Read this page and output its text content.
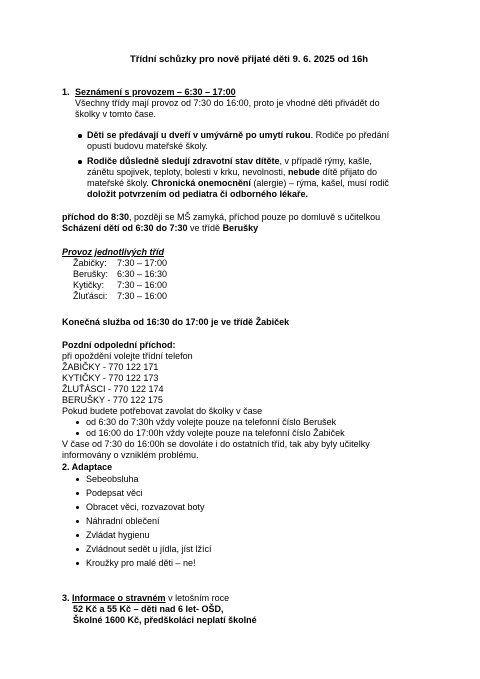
Třídní schůzky pro nově přijaté děti 9. 6. 2025 od 16h
1. Seznámení s provozem – 6:30 – 17:00
Všechny třídy mají provoz od 7:30 do 16:00, proto je vhodné děti přivádět do
školky v tomto čase.
Děti se předávají u dveří v umývárně po umytí rukou. Rodiče po předání
opustí budovu mateřské školy.
Rodiče důsledně sledují zdravotní stav dítěte, v případě rýmy, kašle,
zánětu spojivek, teploty, bolesti v krku, nevolnosti, nebude dítě přijato do
mateřské školy. Chronická onemocnění (alergie) – rýma, kašel, musí rodič
doložit potvrzením od pediatra či odborného lékaře.
příchod do 8:30, později se MŠ zamyká, příchod pouze po domluvě s učitelkou
Scházení dětí od 6:30 do 7:30 ve třídě Berušky
Provoz jednotlivých tříd
Žabičky: 7:30 – 17:00
Berušky: 6:30 – 16:30
Kytičky: 7:30 – 16:00
Žluťásci: 7:30 – 16:00
Konečná služba od 16:30 do 17:00 je ve třídě Žabiček
Pozdní odpolední příchod:
při opoždění volejte třídní telefon
ŽABIČKY - 770 122 171
KYTIČKY - 770 122 173
ŽLUŤÁSCI - 770 122 174
BERUŠKY - 770 122 175
Pokud budete potřebovat zavolat do školky v čase
od 6:30 do 7:30h vždy volejte pouze na telefonní číslo Berušek
od 16:00 do 17:00h vždy volejte pouze na telefonní číslo Žabiček
V čase od 7:30 do 16:00h se dovoláte i do ostatních tříd, tak aby byly učitelky
informovány o vzniklém problému.
2. Adaptace
Sebeobsluha
Podepsat věci
Obracet věci, rozvazovat boty
Náhradní oblečení
Zvládat hygienu
Zvládnout sedět u jídla, jíst lžící
Kroužky pro malé děti – ne!
3. Informace o stravném v letošním roce
52 Kč a 55 Kč – děti nad 6 let- OŠD,
Školné 1600 Kč, předškoláci neplatí školné
